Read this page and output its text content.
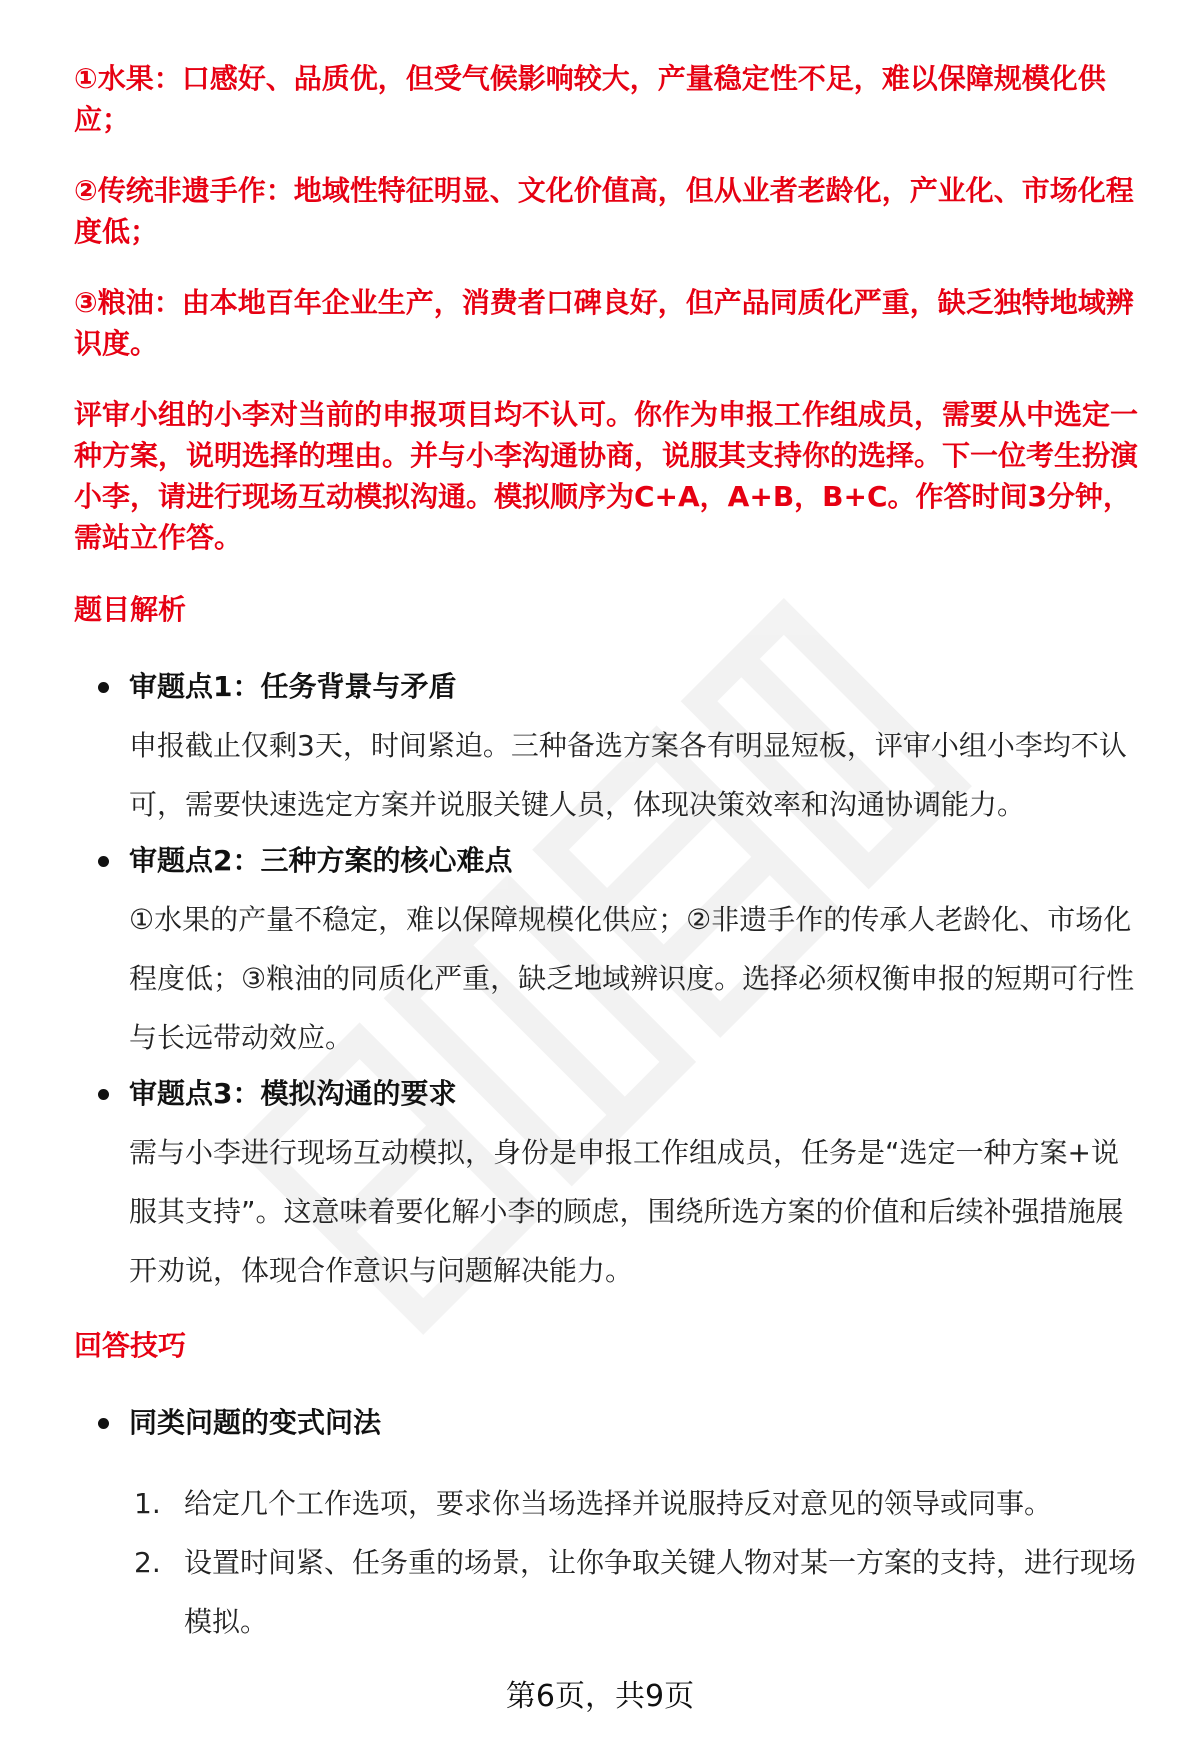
①水果：口感好、品质优，但受气候影响较大，产量稳定性不足，难以保障规模化供应；

②传统非遗手作：地域性特征明显、文化价值高，但从业者老龄化，产业化、市场化程度低；

③粮油：由本地百年企业生产，消费者口碑良好，但产品同质化严重，缺乏独特地域辨识度。

评审小组的小李对当前的申报项目均不认可。你作为申报工作组成员，需要从中选定一种方案，说明选择的理由。并与小李沟通协商，说服其支持你的选择。下一位考生扮演小李，请进行现场互动模拟沟通。模拟顺序为C+A，A+B，B+C。作答时间3分钟，需站立作答。

题目解析

审题点1：任务背景与矛盾

申报截止仅剩3天，时间紧迫。三种备选方案各有明显短板，评审小组小李均不认可，需要快速选定方案并说服关键人员，体现决策效率和沟通协调能力。

审题点2：三种方案的核心难点

①水果的产量不稳定，难以保障规模化供应；②非遗手作的传承人老龄化、市场化程度低；③粮油的同质化严重，缺乏地域辨识度。选择必须权衡申报的短期可行性与长远带动效应。

审题点3：模拟沟通的要求

需与小李进行现场互动模拟，身份是申报工作组成员，任务是“选定一种方案+说服其支持”。这意味着要化解小李的顾虑，围绕所选方案的价值和后续补强措施展开劝说，体现合作意识与问题解决能力。

回答技巧

同类问题的变式问法

1. 给定几个工作选项，要求你当场选择并说服持反对意见的领导或同事。
2. 设置时间紧、任务重的场景，让你争取关键人物对某一方案的支持，进行现场模拟。
第6页，共9页
